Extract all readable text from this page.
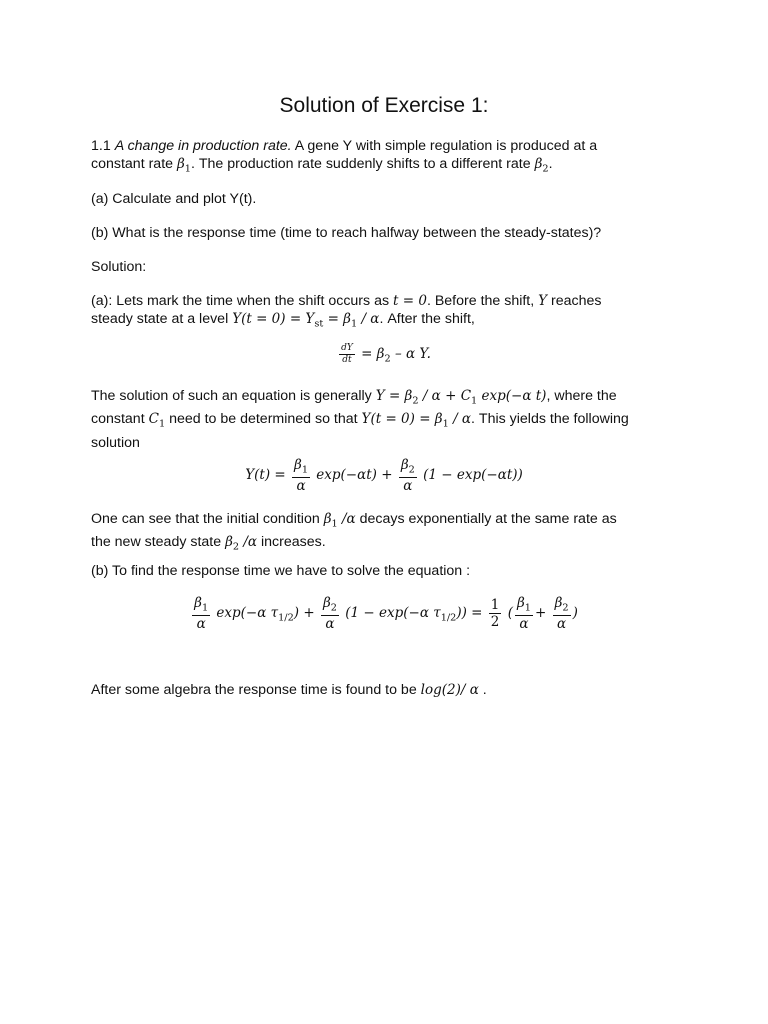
Solution of Exercise 1:

1.1 A change in production rate. A gene Y with simple regulation is produced at a
constant rate $\beta_1$. The production rate suddenly shifts to a different rate $\beta_2$.

(a) Calculate and plot Y(t).

(b) What is the response time (time to reach halfway between the steady-states)?

Solution:

(a): Lets mark the time when the shift occurs as t = 0. Before the shift, Y reaches
steady state at a level $Y(t = 0) = Y_{st} = \beta_1 / \alpha$. After the shift,

$\frac{dY}{dt} = \beta_2 - \alpha$ Y.

The solution of such an equation is generally $Y = \beta_2 / \alpha + C_1$ exp(−α t), where the
constant $C_1$ need to be determined so that $Y(t = 0) = \beta_1 / \alpha$. This yields the following
solution

$Y(t) = \frac{\beta_1}{\alpha} \exp(-\alpha t) + \frac{\beta_2}{\alpha} (1 - \exp(-\alpha t))$

One can see that the initial condition $\beta_1$ /α decays exponentially at the same rate as
the new steady state $\beta_2$ /α increases.

(b) To find the response time we have to solve the equation :

$\frac{\beta_1}{\alpha} \exp(-\alpha$ $\tau_{1/2}) + \frac{\beta_2}{\alpha} (1 - \exp(-\alpha$ $\tau_{1/2})) = \frac{1}{2}$ ( $\frac{\beta_1}{\alpha} + \frac{\beta_2}{\alpha}$ )

After some algebra the response time is found to be log(2)/ α .
